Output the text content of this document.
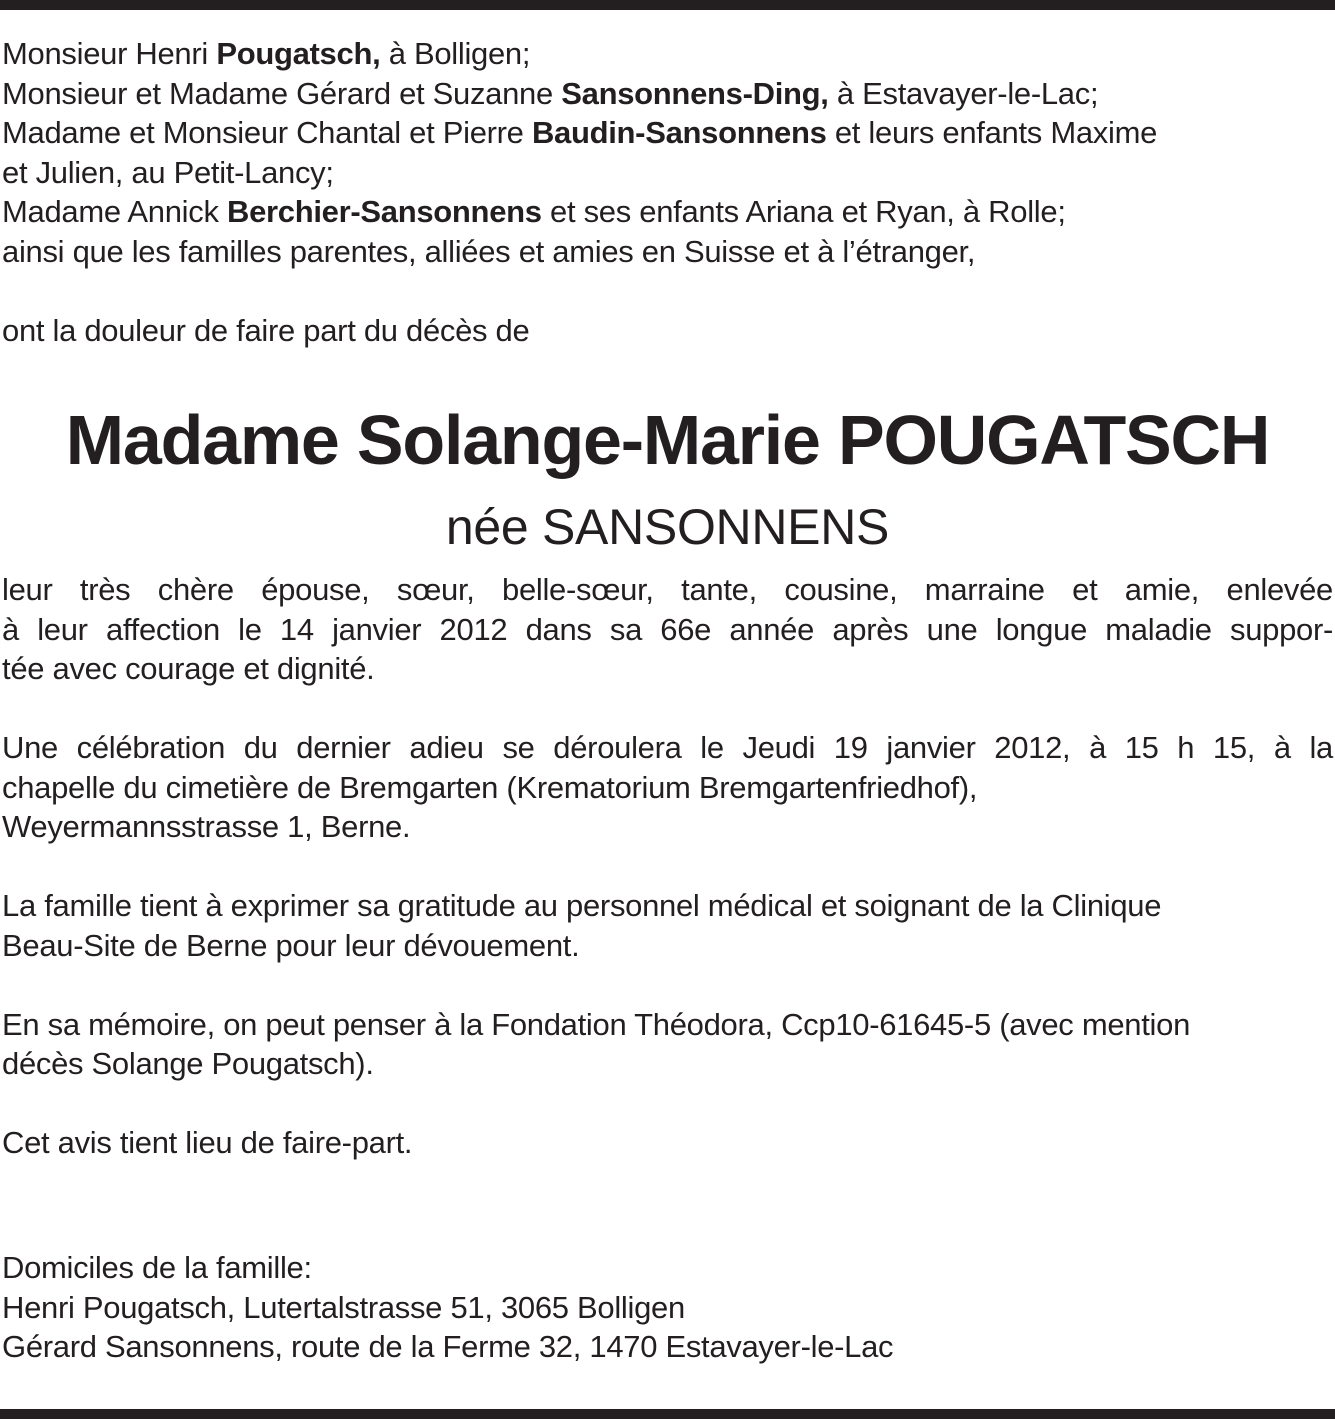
Monsieur Henri Pougatsch, à Bolligen;
Monsieur et Madame Gérard et Suzanne Sansonnens-Ding, à Estavayer-le-Lac;
Madame et Monsieur Chantal et Pierre Baudin-Sansonnens et leurs enfants Maxime
et Julien, au Petit-Lancy;
Madame Annick Berchier-Sansonnens et ses enfants Ariana et Ryan, à Rolle;
ainsi que les familles parentes, alliées et amies en Suisse et à l’étranger,
ont la douleur de faire part du décès de
Madame Solange-Marie POUGATSCH
née SANSONNENS
leur très chère épouse, sœur, belle-sœur, tante, cousine, marraine et amie, enlevée
à leur affection le 14 janvier 2012 dans sa 66e année après une longue maladie suppor-
tée avec courage et dignité.
Une célébration du dernier adieu se déroulera le Jeudi 19 janvier 2012, à 15 h 15, à la
chapelle du cimetière de Bremgarten (Krematorium Bremgartenfriedhof),
Weyermannsstrasse 1, Berne.
La famille tient à exprimer sa gratitude au personnel médical et soignant de la Clinique
Beau-Site de Berne pour leur dévouement.
En sa mémoire, on peut penser à la Fondation Théodora, Ccp10-61645-5 (avec mention
décès Solange Pougatsch).
Cet avis tient lieu de faire-part.
Domiciles de la famille:
Henri Pougatsch, Lutertalstrasse 51, 3065 Bolligen
Gérard Sansonnens, route de la Ferme 32, 1470 Estavayer-le-Lac
